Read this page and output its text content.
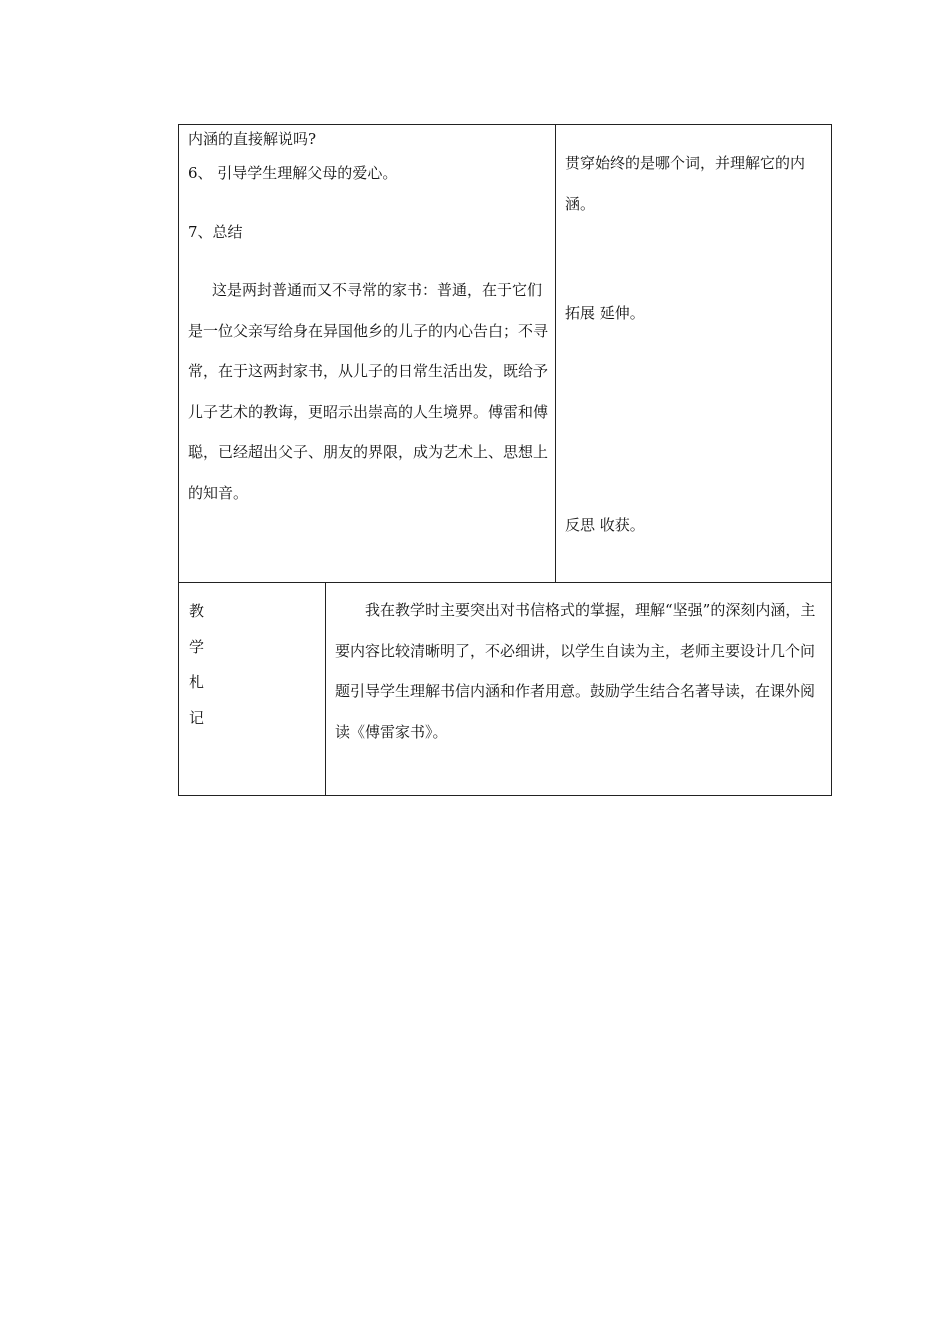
内涵的直接解说吗?
6、 引导学生理解父母的爱心。
7、总结
这是两封普通而又不寻常的家书：普通，在于它们是一位父亲写给身在异国他乡的儿子的内心告白；不寻常，在于这两封家书，从儿子的日常生活出发，既给予儿子艺术的教诲，更昭示出崇高的人生境界。傅雷和傅聪，已经超出父子、朋友的界限，成为艺术上、思想上的知音。
贯穿始终的是哪个词，并理解它的内涵。
拓展 延伸。
反思 收获。
教
学
札
记
我在教学时主要突出对书信格式的掌握，理解“坚强”的深刻内涵，主要内容比较清晰明了，不必细讲，以学生自读为主，老师主要设计几个问题引导学生理解书信内涵和作者用意。鼓励学生结合名著导读，在课外阅读《傅雷家书》。
